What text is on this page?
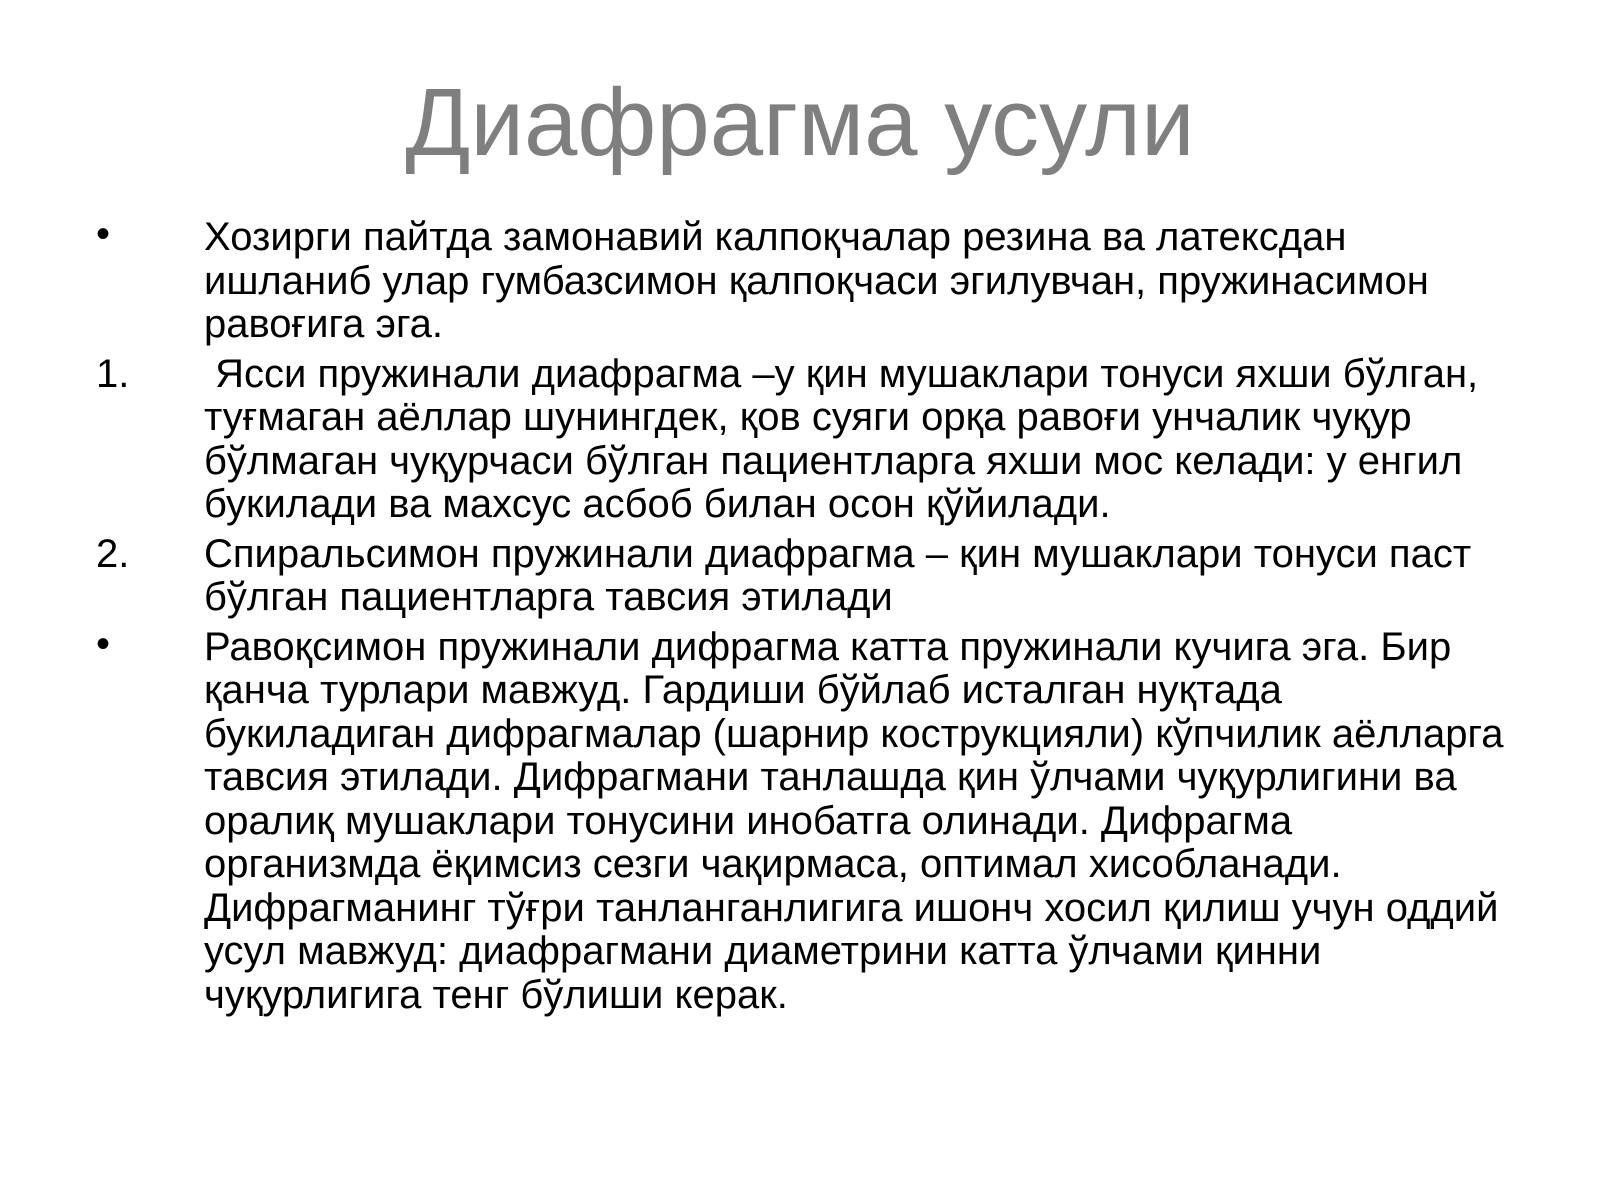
Диафрагма усули
•	Хозирги пайтда замонавий калпоқчалар резина ва латексдан ишланиб улар гумбазсимон қалпоқчаси эгилувчан, пружинасимон равоғига эга.
1.	Ясси пружинали диафрагма –у қин мушаклари тонуси яхши бўлган, туғмаган аёллар шунингдек, қов суяги орқа равоғи унчалик чуқур бўлмаган чуқурчаси бўлган пациентларга яхши мос келади: у енгил букилади ва махсус асбоб билан осон қўйилади.
2.	Спиральсимон пружинали диафрагма – қин мушаклари тонуси паст бўлган пациентларга тавсия этилади
•	Равоқсимон пружинали дифрагма катта пружинали кучига эга. Бир қанча турлари мавжуд. Гардиши бўйлаб исталган нуқтада букиладиган дифрагмалар (шарнир кострукцияли) кўпчилик аёлларга тавсия этилади. Дифрагмани танлашда қин ўлчами чуқурлигини ва оралиқ мушаклари тонусини инобатга олинади. Дифрагма организмда ёқимсиз сезги чақирмаса, оптимал хисобланади. Дифрагманинг тўғри танланганлигига ишонч хосил қилиш учун оддий усул мавжуд: диафрагмани диаметрини катта ўлчами қинни чуқурлигига тенг бўлиши керак.
